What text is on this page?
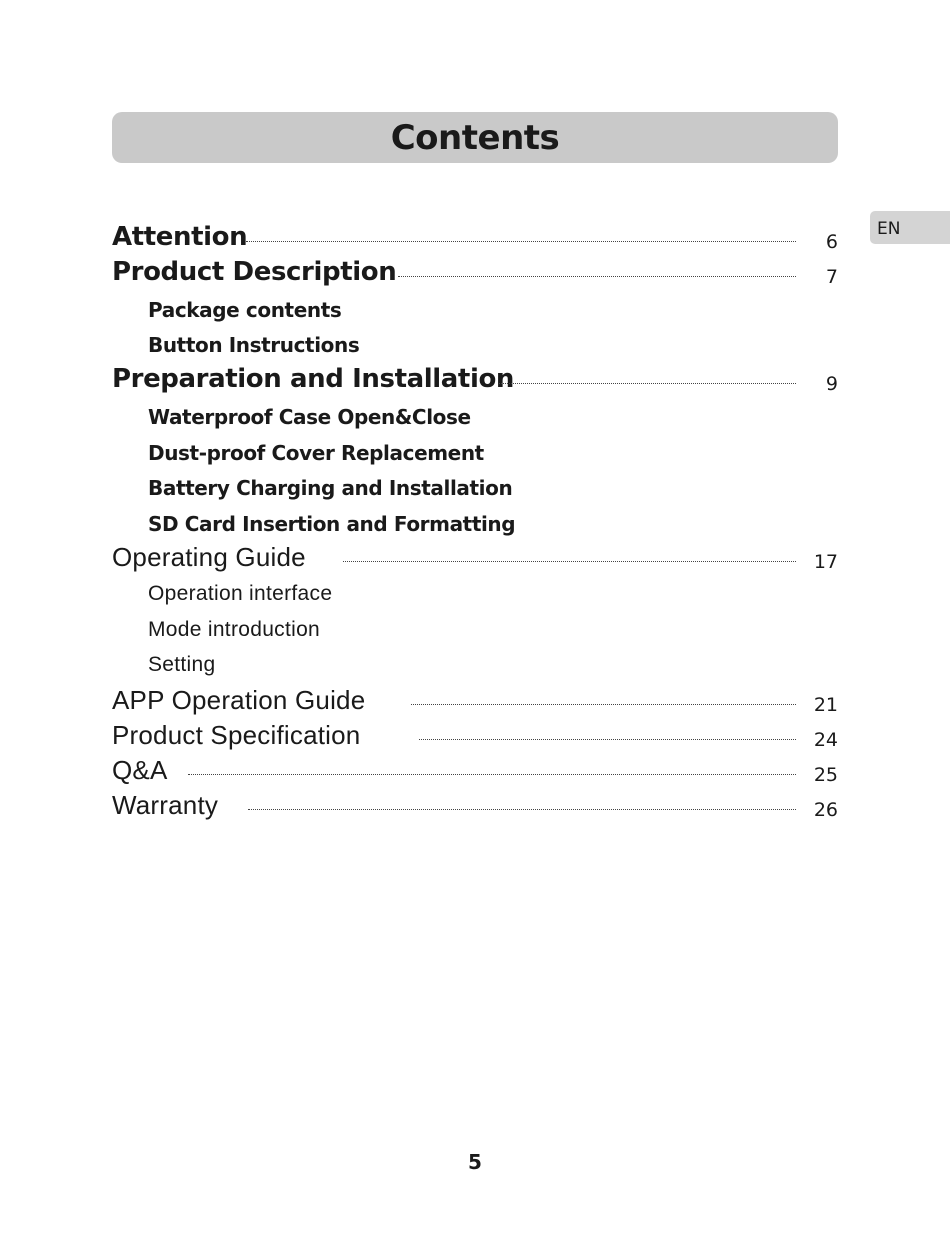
Contents
EN
Attention	6
Product Description	7
Package contents
Button Instructions
Preparation and Installation	9
Waterproof Case Open&Close
Dust-proof Cover Replacement
Battery Charging and Installation
SD Card Insertion and Formatting
Operating Guide	17
Operation interface
Mode introduction
Setting
APP Operation Guide	21
Product Specification	24
Q&A	25
Warranty	26
5
